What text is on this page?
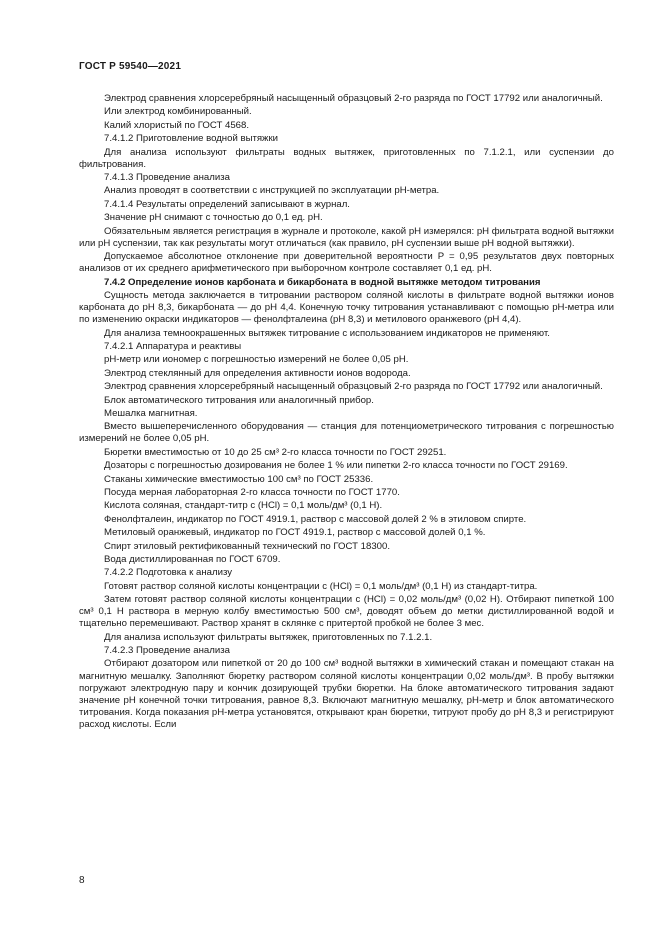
ГОСТ Р 59540—2021

Электрод сравнения хлорсеребряный насыщенный образцовый 2-го разряда по ГОСТ 17792 или аналогичный.

Или электрод комбинированный.

Калий хлористый по ГОСТ 4568.

7.4.1.2 Приготовление водной вытяжки

Для анализа используют фильтраты водных вытяжек, приготовленных по 7.1.2.1, или суспензии до фильтрования.

7.4.1.3 Проведение анализа

Анализ проводят в соответствии с инструкцией по эксплуатации pH-метра.

7.4.1.4 Результаты определений записывают в журнал.

Значение pH снимают с точностью до 0,1 ед. pH.

Обязательным является регистрация в журнале и протоколе, какой pH измерялся: pH фильтрата водной вытяжки или pH суспензии, так как результаты могут отличаться (как правило, pH суспензии выше pH водной вытяжки).

Допускаемое абсолютное отклонение при доверительной вероятности P = 0,95 результатов двух повторных анализов от их среднего арифметического при выборочном контроле составляет 0,1 ед. pH.

7.4.2 Определение ионов карбоната и бикарбоната в водной вытяжке методом титрования

Сущность метода заключается в титровании раствором соляной кислоты в фильтрате водной вытяжки ионов карбоната до pH 8,3, бикарбоната — до pH 4,4. Конечную точку титрования устанавливают с помощью pH-метра или по изменению окраски индикаторов — фенолфталеина (pH 8,3) и метилового оранжевого (pH 4,4).

Для анализа темноокрашенных вытяжек титрование с использованием индикаторов не применяют.

7.4.2.1 Аппаратура и реактивы

pH-метр или иономер с погрешностью измерений не более 0,05 pH.

Электрод стеклянный для определения активности ионов водорода.

Электрод сравнения хлорсеребряный насыщенный образцовый 2-го разряда по ГОСТ 17792 или аналогичный.

Блок автоматического титрования или аналогичный прибор.

Мешалка магнитная.

Вместо вышеперечисленного оборудования — станция для потенциометрического титрования с погрешностью измерений не более 0,05 pH.

Бюретки вместимостью от 10 до 25 см³ 2-го класса точности по ГОСТ 29251.

Дозаторы с погрешностью дозирования не более 1 % или пипетки 2-го класса точности по ГОСТ 29169.

Стаканы химические вместимостью 100 см³ по ГОСТ 25336.

Посуда мерная лабораторная 2-го класса точности по ГОСТ 1770.

Кислота соляная, стандарт-титр с (HCl) = 0,1 моль/дм³ (0,1 Н).

Фенолфталеин, индикатор по ГОСТ 4919.1, раствор с массовой долей 2 % в этиловом спирте.

Метиловый оранжевый, индикатор по ГОСТ 4919.1, раствор с массовой долей 0,1 %.

Спирт этиловый ректификованный технический по ГОСТ 18300.

Вода дистиллированная по ГОСТ 6709.

7.4.2.2 Подготовка к анализу

Готовят раствор соляной кислоты концентрации с (HCl) = 0,1 моль/дм³ (0,1 Н) из стандарт-титра.

Затем готовят раствор соляной кислоты концентрации с (HCl) = 0,02 моль/дм³ (0,02 Н). Отбирают пипеткой 100 см³ 0,1 Н раствора в мерную колбу вместимостью 500 см³, доводят объем до метки дистиллированной водой и тщательно перемешивают. Раствор хранят в склянке с притертой пробкой не более 3 мес.

Для анализа используют фильтраты вытяжек, приготовленных по 7.1.2.1.

7.4.2.3 Проведение анализа

Отбирают дозатором или пипеткой от 20 до 100 см³ водной вытяжки в химический стакан и помещают стакан на магнитную мешалку. Заполняют бюретку раствором соляной кислоты концентрации 0,02 моль/дм³. В пробу вытяжки погружают электродную пару и кончик дозирующей трубки бюретки. На блоке автоматического титрования задают значение pH конечной точки титрования, равное 8,3. Включают магнитную мешалку, pH-метр и блок автоматического титрования. Когда показания pH-метра установятся, открывают кран бюретки, титруют пробу до pH 8,3 и регистрируют расход кислоты. Если

8
